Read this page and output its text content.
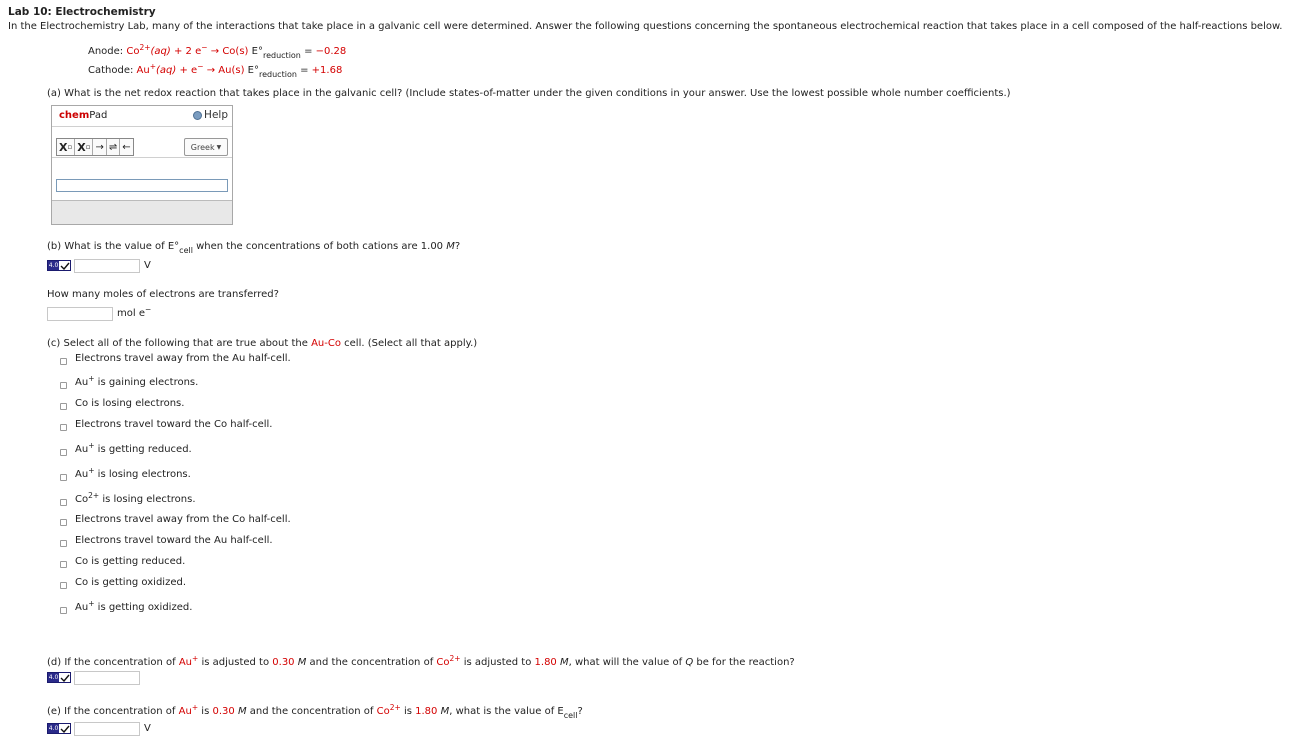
Lab 10: Electrochemistry
In the Electrochemistry Lab, many of the interactions that take place in a galvanic cell were determined. Answer the following questions concerning the spontaneous electrochemical reaction that takes place in a cell composed of the half-reactions below.
Anode: $Co^{2+}(aq) + 2$ e− → Co(s) $E^\circ_{reduction} = -0.28$
Cathode: Au+(aq) + e− → Au(s) $E^\circ_{reduction} = +1.68$
(a) What is the net redox reaction that takes place in the galvanic cell? (Include states-of-matter under the given conditions in your answer. Use the lowest possible whole number coefficients.)
chemPad	Help
X ▫ X ▫ → ⇌ ←	Greek ▼
(b) What is the value of $E^\circ_{cell}$ when the concentrations of both cations are 1.00 M?
4.0	V
How many moles of electrons are transferred?
mol e−
(c) Select all of the following that are true about the Au-Co cell. (Select all that apply.)
Electrons travel away from the Au half-cell.
Au+ is gaining electrons.
Co is losing electrons.
Electrons travel toward the Co half-cell.
Au+ is getting reduced.
Au+ is losing electrons.
$Co^{2+}$ is losing electrons.
Electrons travel away from the Co half-cell.
Electrons travel toward the Au half-cell.
Co is getting reduced.
Co is getting oxidized.
Au+ is getting oxidized.
(d) If the concentration of Au+ is adjusted to 0.30 M and the concentration of $Co^{2+}$ is adjusted to 1.80 M, what will the value of Q be for the reaction?
4.0
(e) If the concentration of Au+ is 0.30 M and the concentration of $Co^{2+}$ is 1.80 M, what is the value of $E_{cell}$?
4.0	V
